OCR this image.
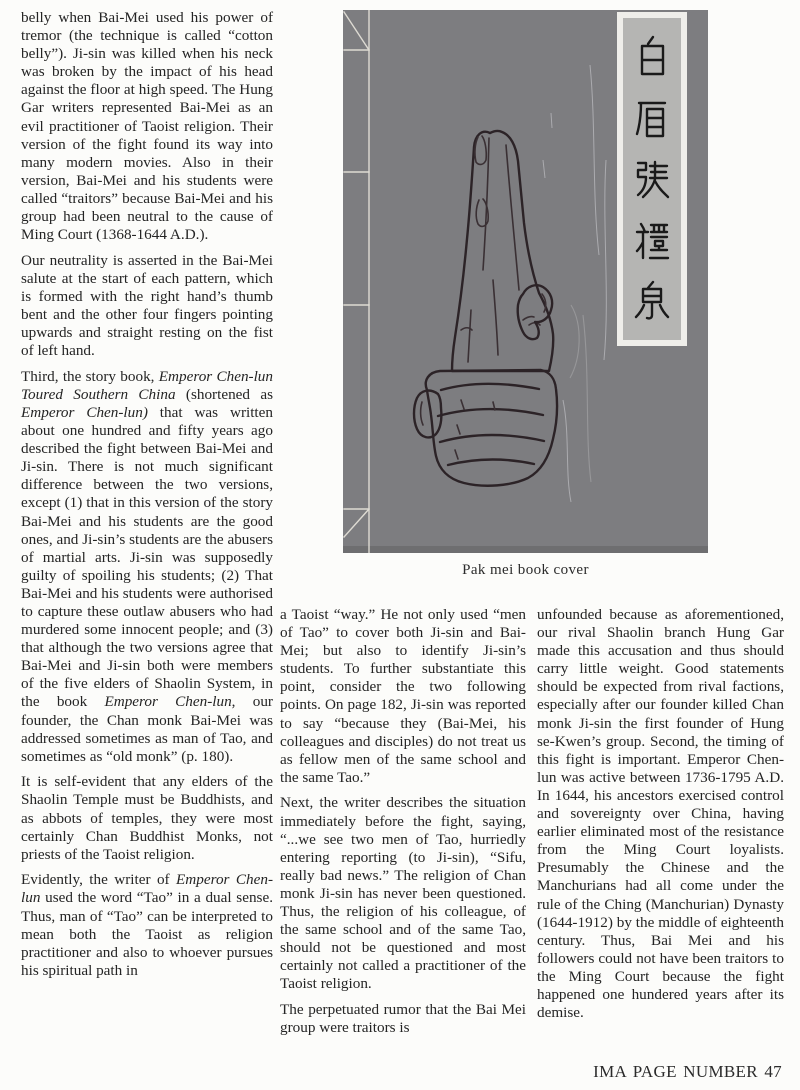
belly when Bai-Mei used his power of tremor (the technique is called “cotton belly”). Ji-sin was killed when his neck was broken by the impact of his head against the floor at high speed. The Hung Gar writers represented Bai-Mei as an evil practitioner of Taoist religion. Their version of the fight found its way into many modern movies. Also in their version, Bai-Mei and his students were called “traitors” because Bai-Mei and his group had been neutral to the cause of Ming Court (1368-1644 A.D.).

Our neutrality is asserted in the Bai-Mei salute at the start of each pattern, which is formed with the right hand’s thumb bent and the other four fingers pointing upwards and straight resting on the fist of left hand.

Third, the story book, Emperor Chen-lun Toured Southern China (shortened as Emperor Chen-lun) that was written about one hundred and fifty years ago described the fight between Bai-Mei and Ji-sin. There is not much significant difference between the two versions, except (1) that in this version of the story Bai-Mei and his students are the good ones, and Ji-sin’s students are the abusers of martial arts. Ji-sin was supposedly guilty of spoiling his students; (2) That Bai-Mei and his students were authorised to capture these outlaw abusers who had murdered some innocent people; and (3) that although the two versions agree that Bai-Mei and Ji-sin both were members of the five elders of Shaolin System, in the book Emperor Chen-lun, our founder, the Chan monk Bai-Mei was addressed sometimes as man of Tao, and sometimes as “old monk” (p. 180).

It is self-evident that any elders of the Shaolin Temple must be Buddhists, and as abbots of temples, they were most certainly Chan Buddhist Monks, not priests of the Taoist religion.

Evidently, the writer of Emperor Chen-lun used the word “Tao” in a dual sense. Thus, man of “Tao” can be interpreted to mean both the Taoist as religion practitioner and also to whoever pursues his spiritual path in

Pak mei book cover

a Taoist “way.” He not only used “men of Tao” to cover both Ji-sin and Bai-Mei; but also to identify Ji-sin’s students. To further substantiate this point, consider the two following points. On page 182, Ji-sin was reported to say “because they (Bai-Mei, his colleagues and disciples) do not treat us as fellow men of the same school and the same Tao.”

Next, the writer describes the situation immediately before the fight, saying, “...we see two men of Tao, hurriedly entering reporting (to Ji-sin), “Sifu, really bad news.” The religion of Chan monk Ji-sin has never been questioned. Thus, the religion of his colleague, of the same school and of the same Tao, should not be questioned and most certainly not called a practitioner of the Taoist religion.

The perpetuated rumor that the Bai Mei group were traitors is

unfounded because as aforementioned, our rival Shaolin branch Hung Gar made this accusation and thus should carry little weight. Good statements should be expected from rival factions, especially after our founder killed Chan monk Ji-sin the first founder of Hung se-Kwen’s group. Second, the timing of this fight is important. Emperor Chen-lun was active between 1736-1795 A.D. In 1644, his ancestors exercised control and sovereignty over China, having earlier eliminated most of the resistance from the Ming Court loyalists. Presumably the Chinese and the Manchurians had all come under the rule of the Ching (Manchurian) Dynasty (1644-1912) by the middle of eighteenth century. Thus, Bai Mei and his followers could not have been traitors to the Ming Court because the fight happened one hundered years after its demise.

IMA PAGE NUMBER 47
